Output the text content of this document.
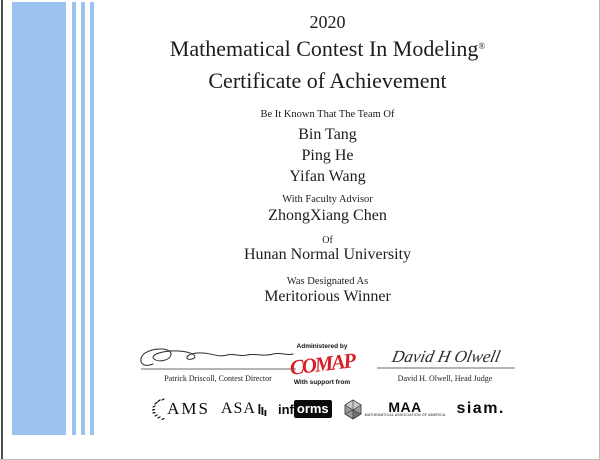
2020
Mathematical Contest In Modeling®
Certificate of Achievement
Be It Known That The Team Of
Bin Tang
Ping He
Yifan Wang
With Faculty Advisor
ZhongXiang Chen
Of
Hunan Normal University
Was Designated As
Meritorious Winner
Patrick Driscoll, Contest Director
Administered by
COMAP
With support from
David H Olwell
David H. Olwell, Head Judge
AMS ASA inf orms	MAA
MATHEMATICAL ASSOCIATION OF AMERICA siam.
